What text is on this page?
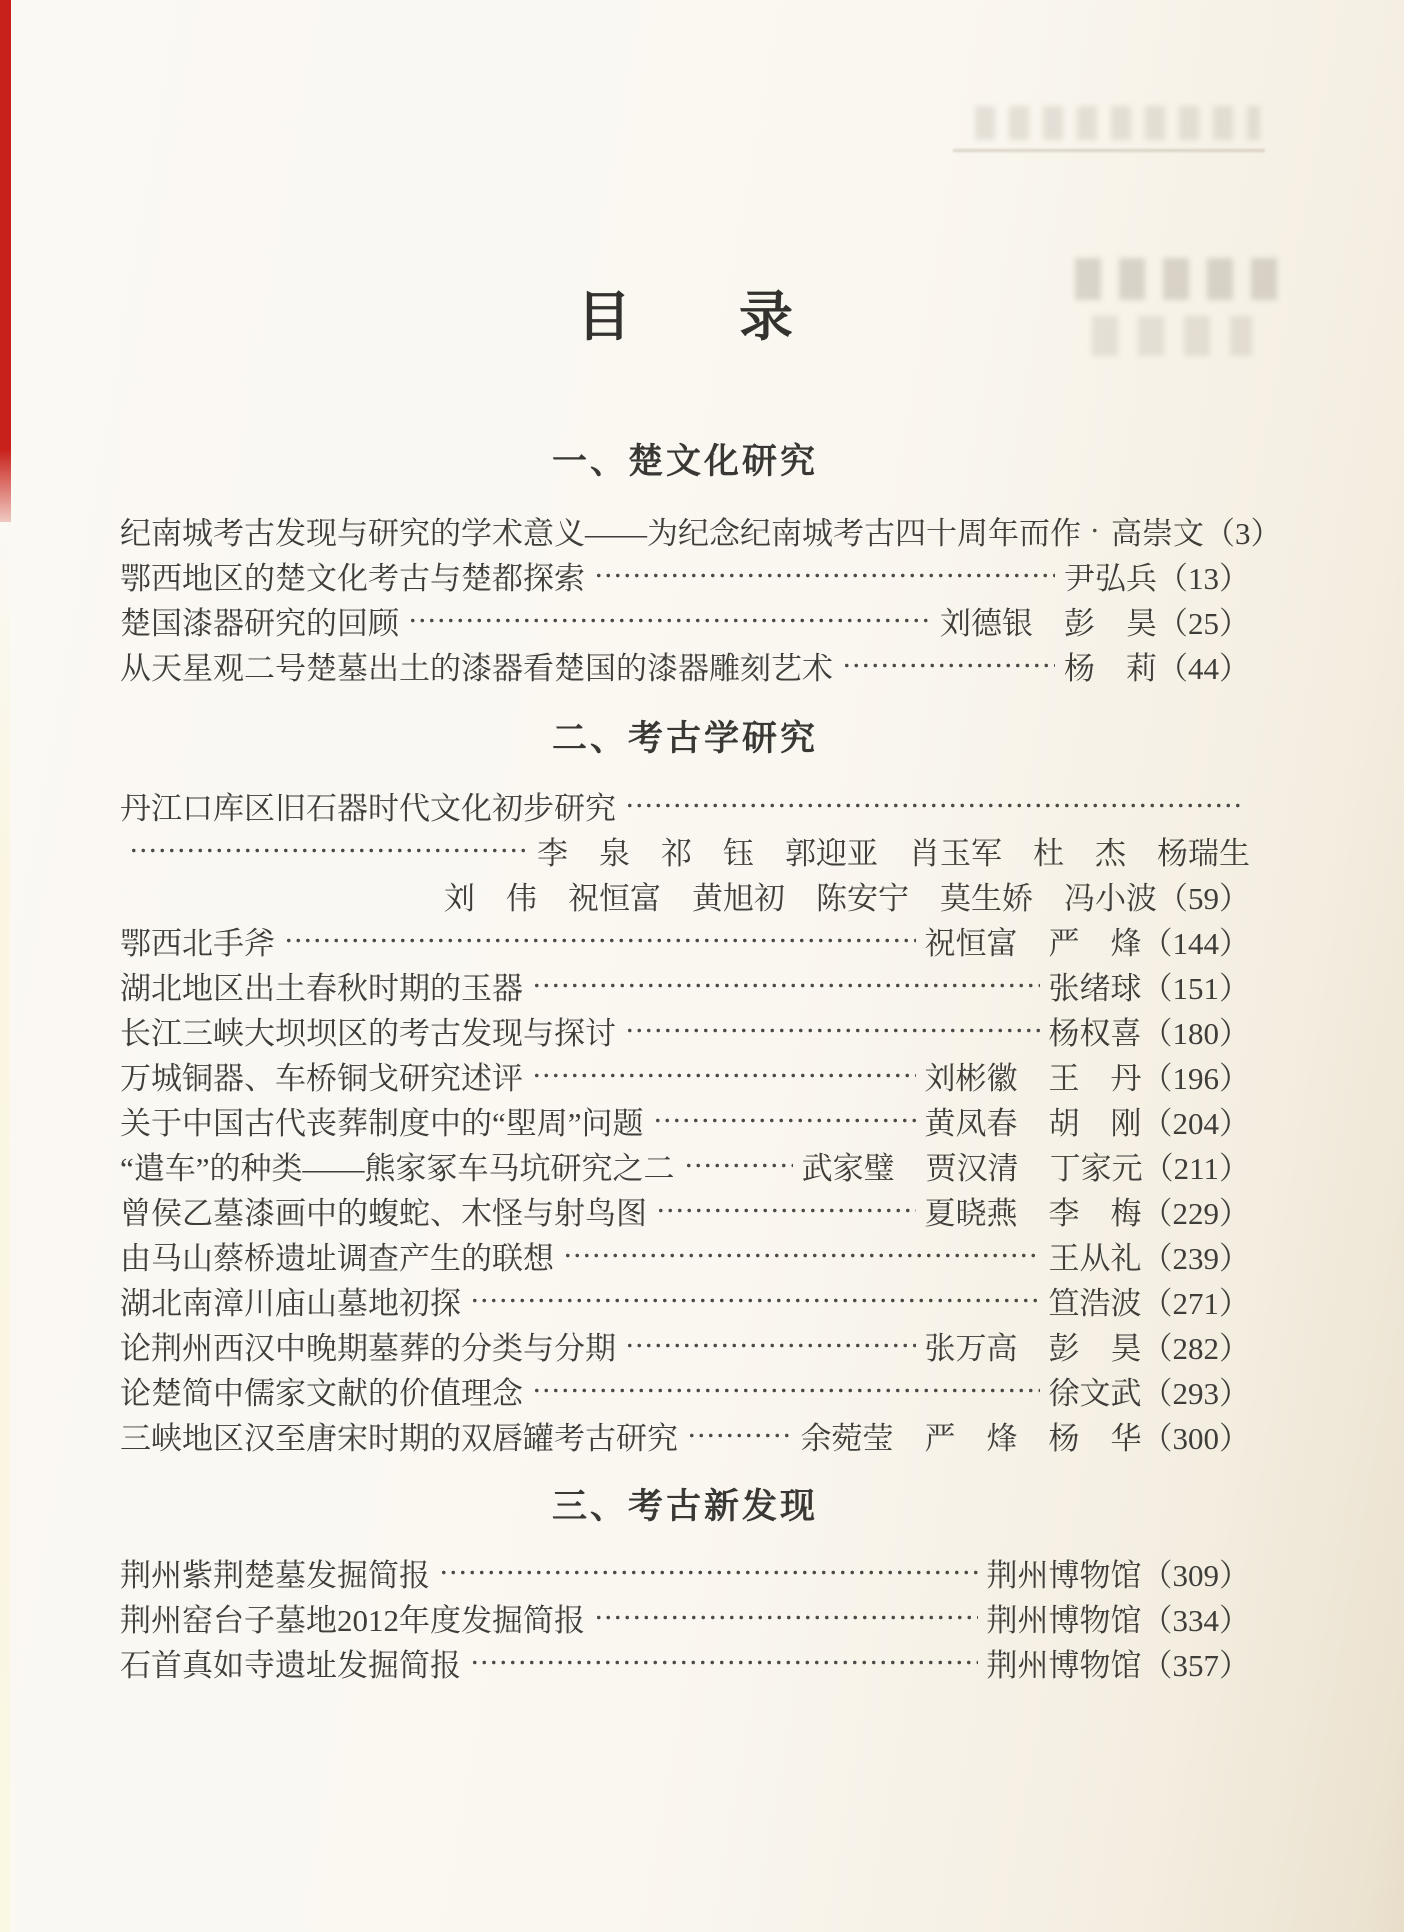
目　　录
一、楚文化研究
纪南城考古发现与研究的学术意义——为纪念纪南城考古四十周年而作 高崇文（3）
鄂西地区的楚文化考古与楚都探索	尹弘兵（13）
楚国漆器研究的回顾	刘德银　彭　昊（25）
从天星观二号楚墓出土的漆器看楚国的漆器雕刻艺术	杨　莉（44）
二、考古学研究
丹江口库区旧石器时代文化初步研究
李　泉　祁　钰　郭迎亚　肖玉军　杜　杰　杨瑞生
刘　伟　祝恒富　黄旭初　陈安宁　莫生娇　冯小波（59）
鄂西北手斧	祝恒富　严　烽（144）
湖北地区出土春秋时期的玉器	张绪球（151）
长江三峡大坝坝区的考古发现与探讨	杨权喜（180）
万城铜器、车桥铜戈研究述评	刘彬徽　王　丹（196）
关于中国古代丧葬制度中的“堲周”问题	黄凤春　胡　刚（204）
“遣车”的种类——熊家冢车马坑研究之二	武家璧　贾汉清　丁家元（211）
曾侯乙墓漆画中的蝮蛇、木怪与射鸟图	夏晓燕　李　梅（229）
由马山蔡桥遗址调查产生的联想	王从礼（239）
湖北南漳川庙山墓地初探	笪浩波（271）
论荆州西汉中晚期墓葬的分类与分期	张万高　彭　昊（282）
论楚简中儒家文献的价值理念	徐文武（293）
三峡地区汉至唐宋时期的双唇罐考古研究	余菀莹　严　烽　杨　华（300）
三、考古新发现
荆州紫荆楚墓发掘简报	荆州博物馆（309）
荆州窑台子墓地2012年度发掘简报	荆州博物馆（334）
石首真如寺遗址发掘简报	荆州博物馆（357）
